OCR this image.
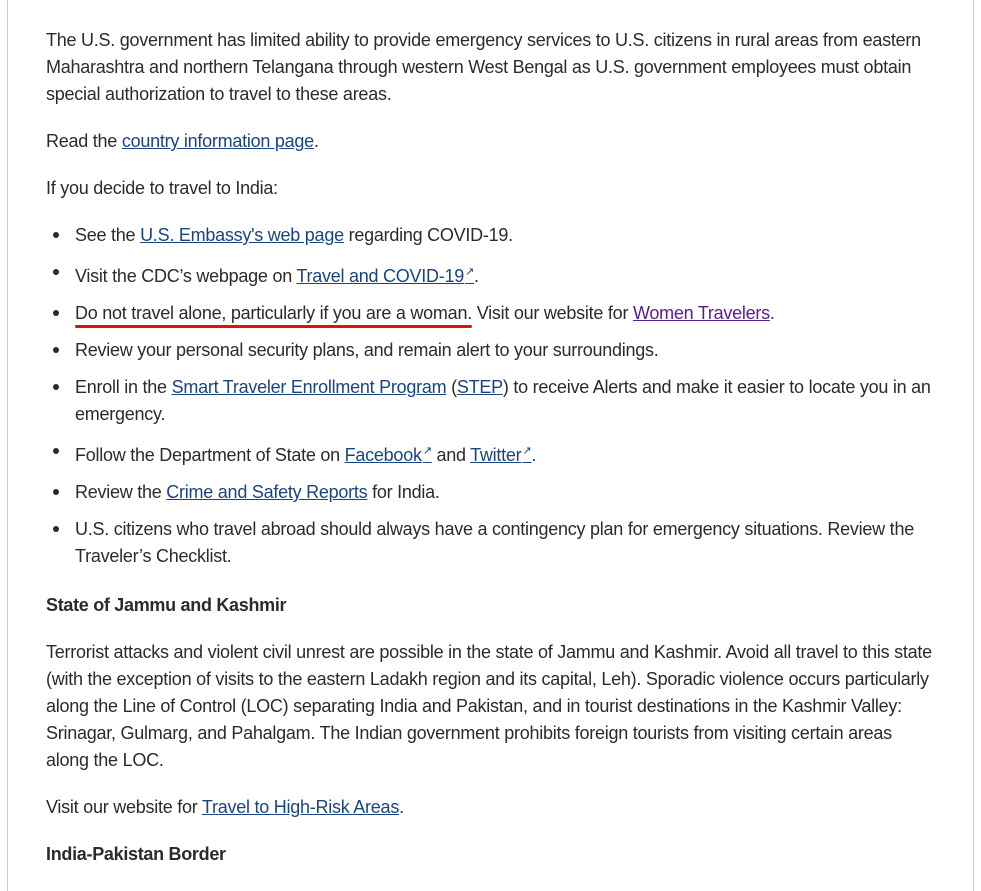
The U.S. government has limited ability to provide emergency services to U.S. citizens in rural areas from eastern Maharashtra and northern Telangana through western West Bengal as U.S. government employees must obtain special authorization to travel to these areas.

Read the country information page.

If you decide to travel to India:

See the U.S. Embassy's web page regarding COVID-19.
Visit the CDC’s webpage on Travel and COVID-19↗.
Do not travel alone, particularly if you are a woman.
Visit our website for Women Travelers.
Review your personal security plans, and remain alert to your surroundings.
Enroll in the Smart Traveler Enrollment Program (STEP) to receive Alerts and make it easier to locate you in an emergency.
Follow the Department of State on Facebook↗ and Twitter↗.
Review the Crime and Safety Reports for India.
U.S. citizens who travel abroad should always have a contingency plan for emergency situations. Review the Traveler’s Checklist.
State of Jammu and Kashmir

Terrorist attacks and violent civil unrest are possible in the state of Jammu and Kashmir. Avoid all travel to this state (with the exception of visits to the eastern Ladakh region and its capital, Leh). Sporadic violence occurs particularly along the Line of Control (LOC) separating India and Pakistan, and in tourist destinations in the Kashmir Valley: Srinagar, Gulmarg, and Pahalgam. The Indian government prohibits foreign tourists from visiting certain areas along the LOC.

Visit our website for Travel to High-Risk Areas.

India-Pakistan Border
